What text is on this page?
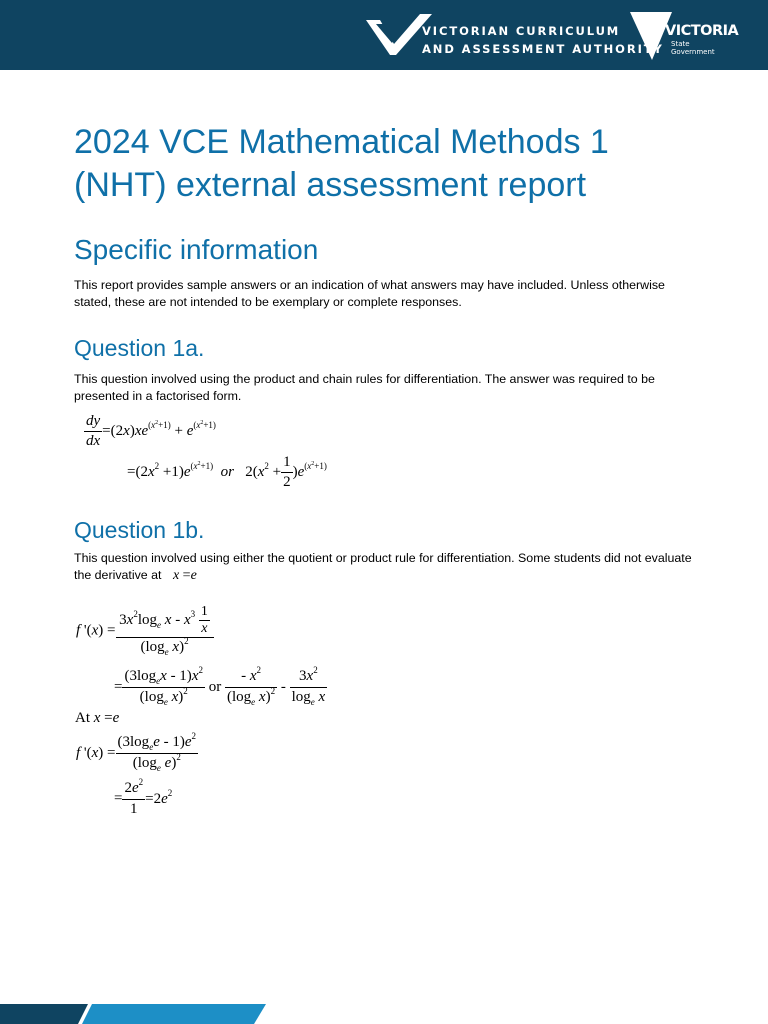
VICTORIAN CURRICULUM
AND ASSESSMENT AUTHORITY
VICTORIA
State
Government
2024 VCE Mathematical Methods 1
(NHT) external assessment report
Specific information

This report provides sample answers or an indication of what answers may have included. Unless otherwise stated, these are not intended to be exemplary or complete responses.

Question 1a.

This question involved using the product and chain rules for differentiation. The answer was required to be presented in a factorised form.

$\frac{dy}{dx} =(2x)xe^{(x^2+1)} + e^{(x^2+1)}$
$=(2x^2 +1)e^{(x^2+1)}$ or   $2(x^2 + \frac{1}{2} )e^{(x^2+1)}$
Question 1b.

This question involved using either the quotient or product rule for differentiation. Some students did not evaluate the derivative at x =e

f '$(x) = \frac{3x^2\log_e x - x^3 \frac{1}{x}}{(\log_e x)^2}$
= $\frac{(3\log_ex - 1)x^2}{(\log_e x)^2}$ or $\frac{- x^2}{(\log_e x)^2} - \frac{3x^2}{\log_e x}$
At x =e
f '$(x) = \frac{(3\log_ee - 1)e^2}{(\log_e e)^2}$
= $\frac{2e^2}{1} =2e^2$
